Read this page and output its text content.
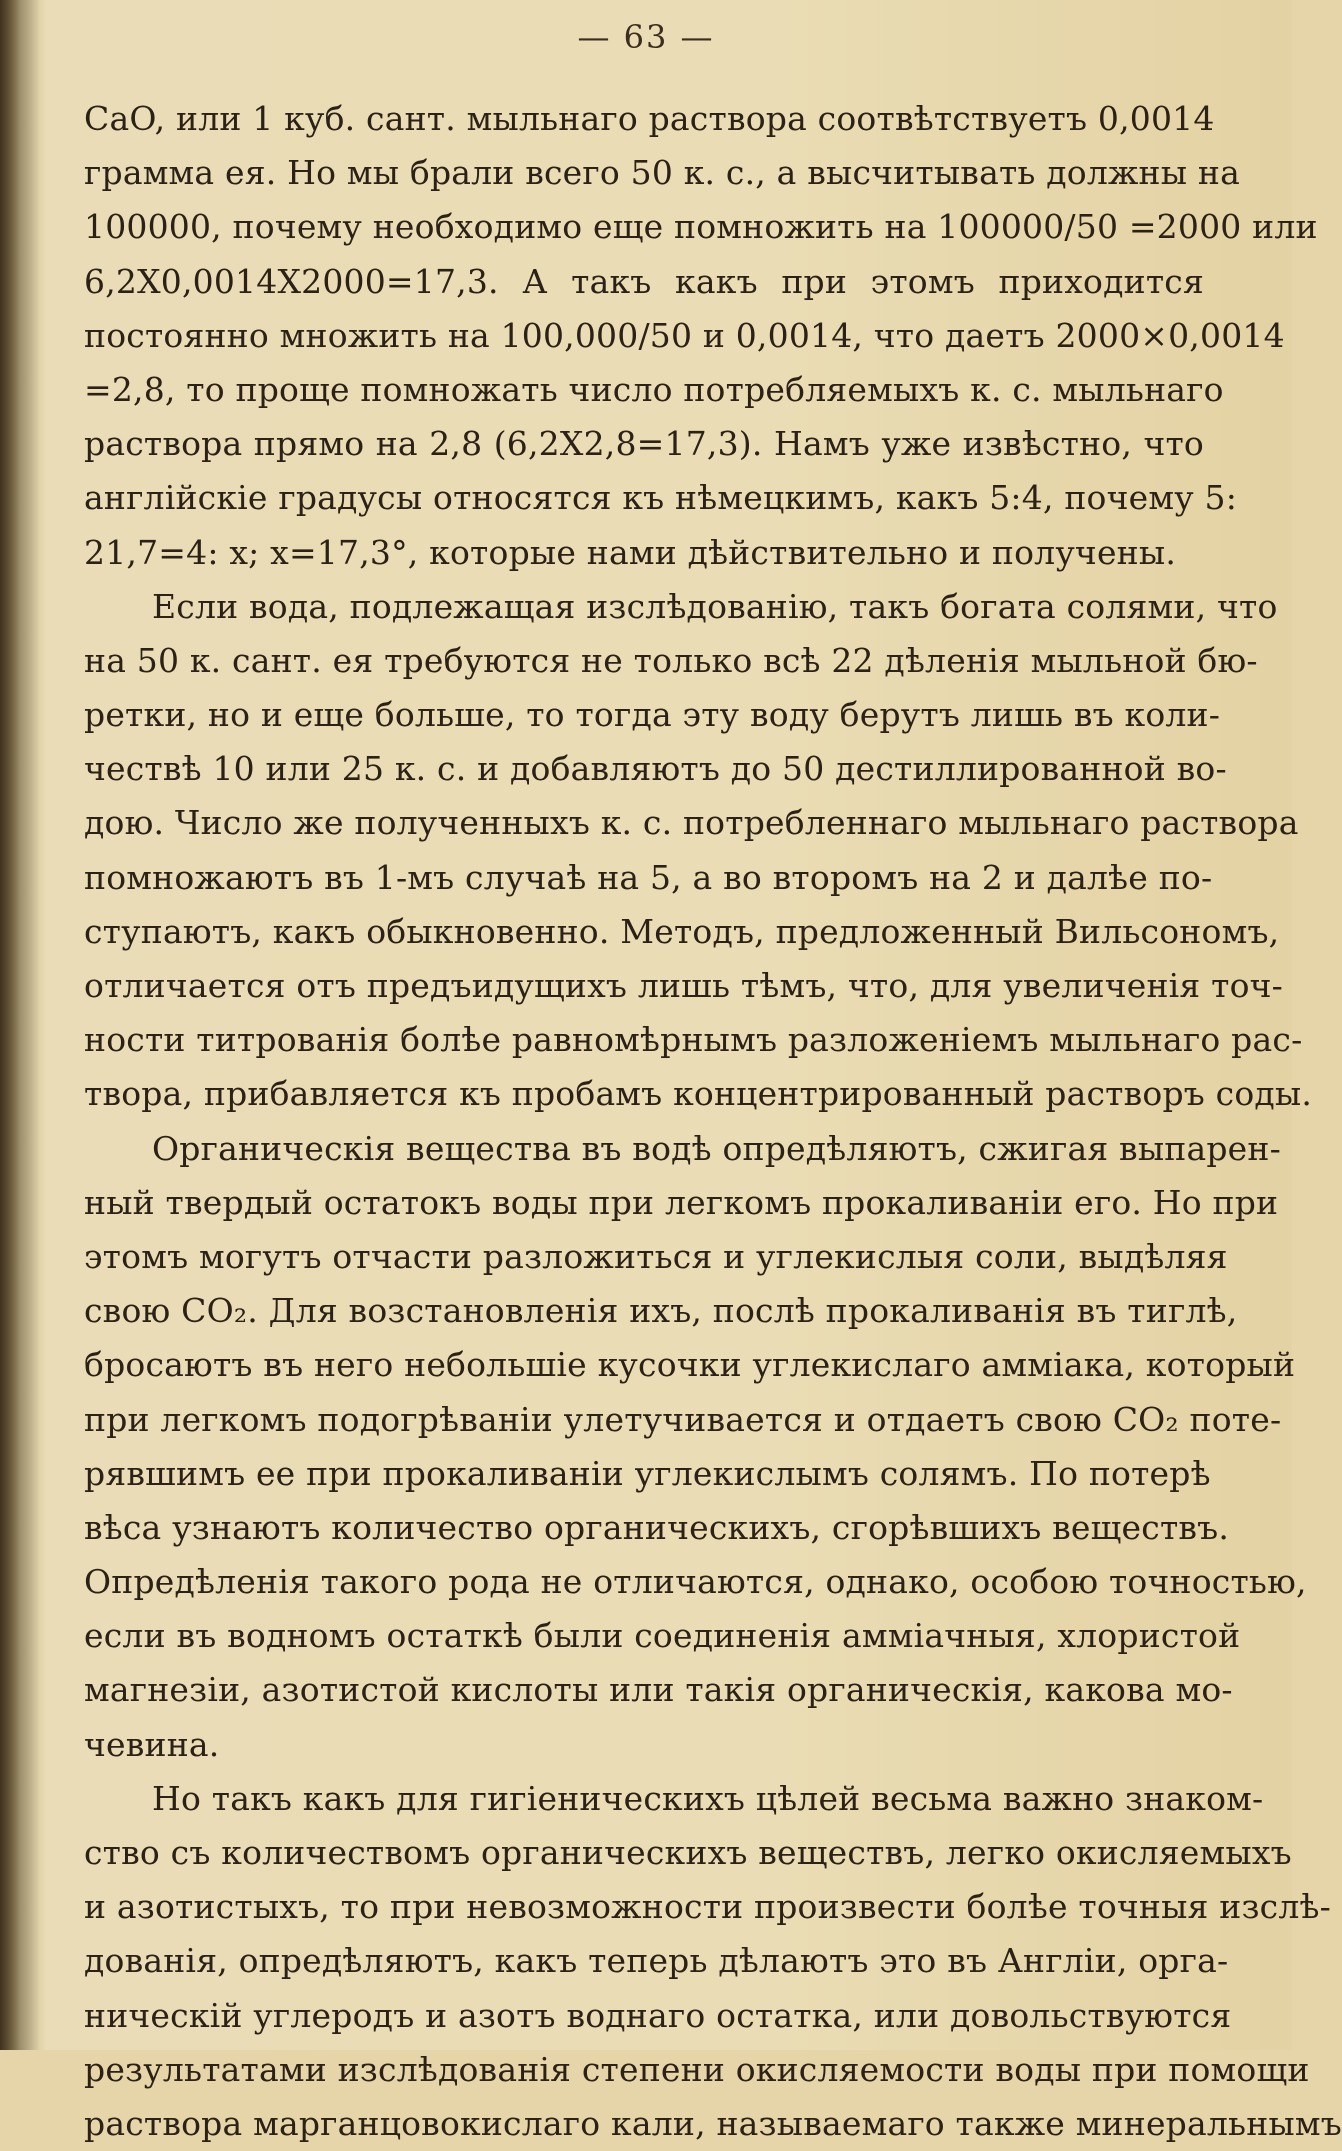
— 63 —
CaO, или 1 куб. сант. мыльнаго раствора соотвѣтствуетъ 0,0014
грамма ея. Но мы брали всего 50 к. с., а высчитывать должны на
100000, почему необходимо еще помножить на 100000/50 =2000 или
6,2Х0,0014Х2000=17,3. А такъ какъ при этомъ приходится
постоянно множить на 100,000/50 и 0,0014, что даетъ 2000×0,0014
=2,8, то проще помножать число потребляемыхъ к. с. мыльнаго
раствора прямо на 2,8 (6,2Х2,8=17,3). Намъ уже извѣстно, что
англійскіе градусы относятся къ нѣмецкимъ, какъ 5:4, почему 5:
21,7=4: x; x=17,3°, которые нами дѣйствительно и получены.
Если вода, подлежащая изслѣдованію, такъ богата солями, что
на 50 к. сант. ея требуются не только всѣ 22 дѣленія мыльной бю-
ретки, но и еще больше, то тогда эту воду берутъ лишь въ коли-
чествѣ 10 или 25 к. с. и добавляютъ до 50 дестиллированной во-
дою. Число же полученныхъ к. с. потребленнаго мыльнаго раствора
помножаютъ въ 1-мъ случаѣ на 5, а во второмъ на 2 и далѣе по-
ступаютъ, какъ обыкновенно. Методъ, предложенный Вильсономъ,
отличается отъ предъидущихъ лишь тѣмъ, что, для увеличенія точ-
ности титрованія болѣе равномѣрнымъ разложеніемъ мыльнаго рас-
твора, прибавляется къ пробамъ концентрированный растворъ соды.
Органическія вещества въ водѣ опредѣляютъ, сжигая выпарен-
ный твердый остатокъ воды при легкомъ прокаливаніи его. Но при
этомъ могутъ отчасти разложиться и углекислыя соли, выдѣляя
свою CO₂. Для возстановленія ихъ, послѣ прокаливанія въ тиглѣ,
бросаютъ въ него небольшіе кусочки углекислаго амміака, который
при легкомъ подогрѣваніи улетучивается и отдаетъ свою CO₂ поте-
рявшимъ ее при прокаливаніи углекислымъ солямъ. По потерѣ
вѣса узнаютъ количество органическихъ, сгорѣвшихъ веществъ.
Опредѣленія такого рода не отличаются, однако, особою точностью,
если въ водномъ остаткѣ были соединенія амміачныя, хлористой
магнезіи, азотистой кислоты или такія органическія, какова мо-
чевина.
Но такъ какъ для гигіеническихъ цѣлей весьма важно знаком-
ство съ количествомъ органическихъ веществъ, легко окисляемыхъ
и азотистыхъ, то при невозможности произвести болѣе точныя изслѣ-
дованія, опредѣляютъ, какъ теперь дѣлаютъ это въ Англіи, орга-
ническій углеродъ и азотъ воднаго остатка, или довольствуются
результатами изслѣдованія степени окисляемости воды при помощи
раствора марганцовокислаго кали, называемаго также минеральнымъ
